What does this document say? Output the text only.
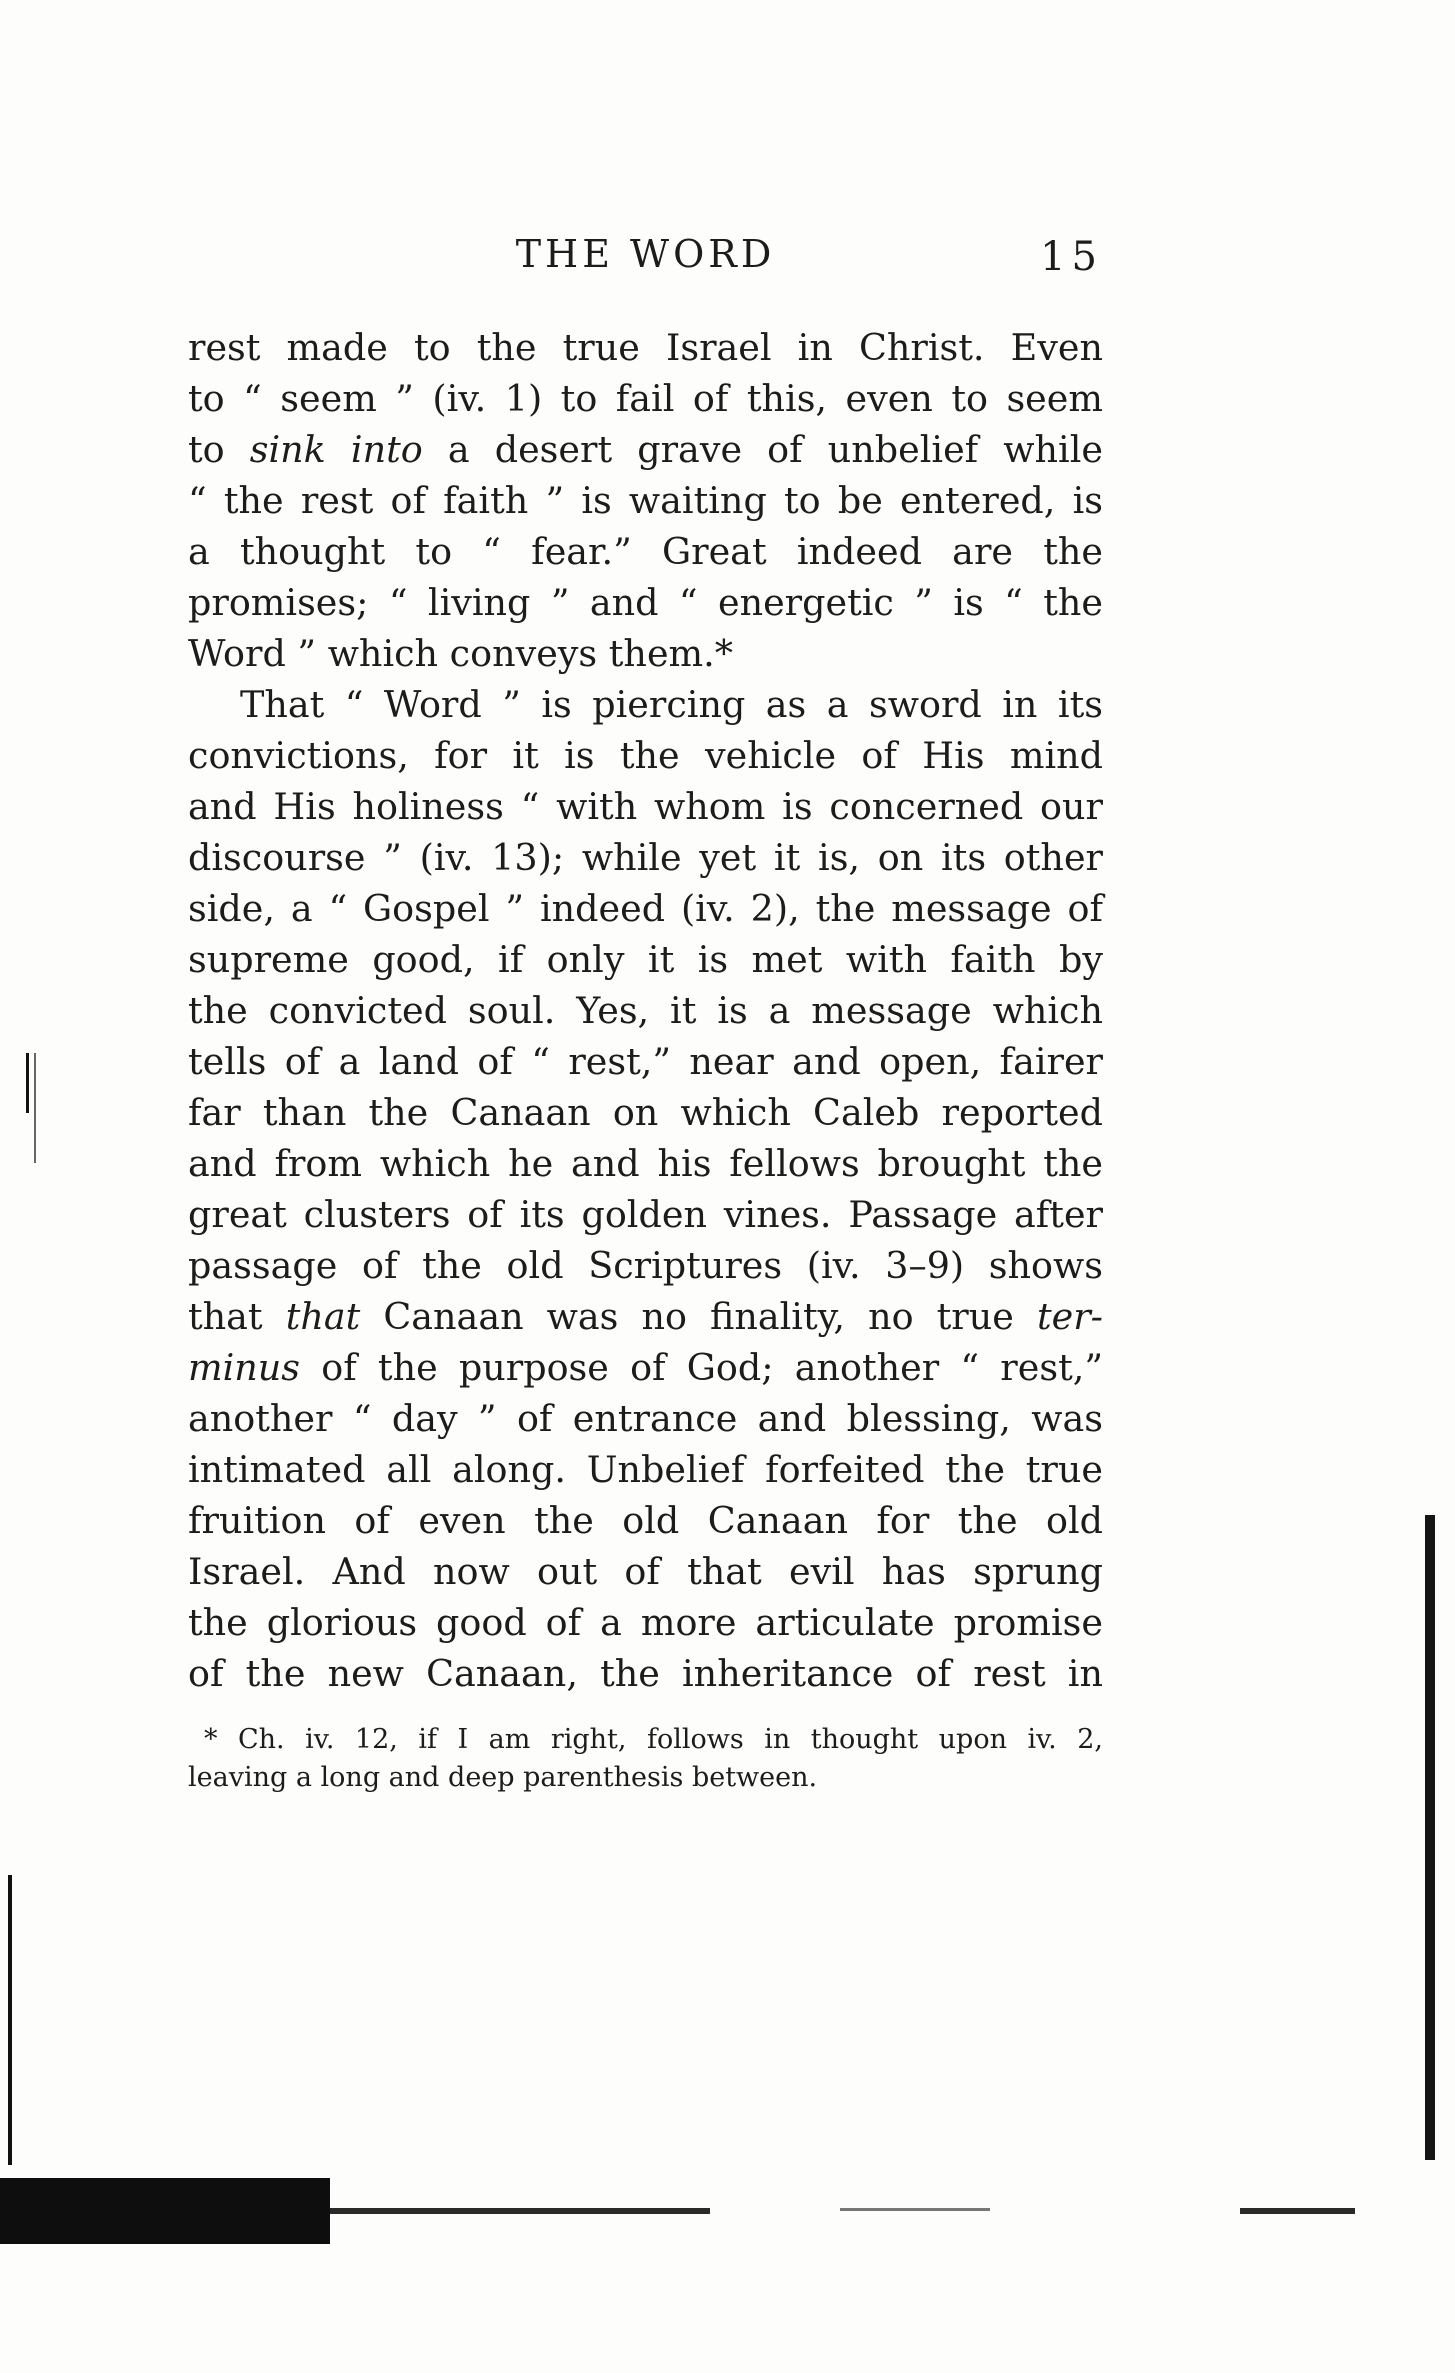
THE WORD	15
rest made to the true Israel in Christ. Even
to “ seem ” (iv. 1) to fail of this, even to seem
to sink into a desert grave of unbelief while
“ the rest of faith ” is waiting to be entered, is
a thought to “ fear.” Great indeed are the
promises; “ living ” and “ energetic ” is “ the
Word ” which conveys them.*
That “ Word ” is piercing as a sword in its
convictions, for it is the vehicle of His mind
and His holiness “ with whom is concerned our
discourse ” (iv. 13); while yet it is, on its other
side, a “ Gospel ” indeed (iv. 2), the message of
supreme good, if only it is met with faith by
the convicted soul. Yes, it is a message which
tells of a land of “ rest,” near and open, fairer
far than the Canaan on which Caleb reported
and from which he and his fellows brought the
great clusters of its golden vines. Passage after
passage of the old Scriptures (iv. 3–9) shows
that that Canaan was no finality, no true ter-
minus of the purpose of God; another “ rest,”
another “ day ” of entrance and blessing, was
intimated all along. Unbelief forfeited the true
fruition of even the old Canaan for the old
Israel. And now out of that evil has sprung
the glorious good of a more articulate promise
of the new Canaan, the inheritance of rest in
* Ch. iv. 12, if I am right, follows in thought upon iv. 2,
leaving a long and deep parenthesis between.
